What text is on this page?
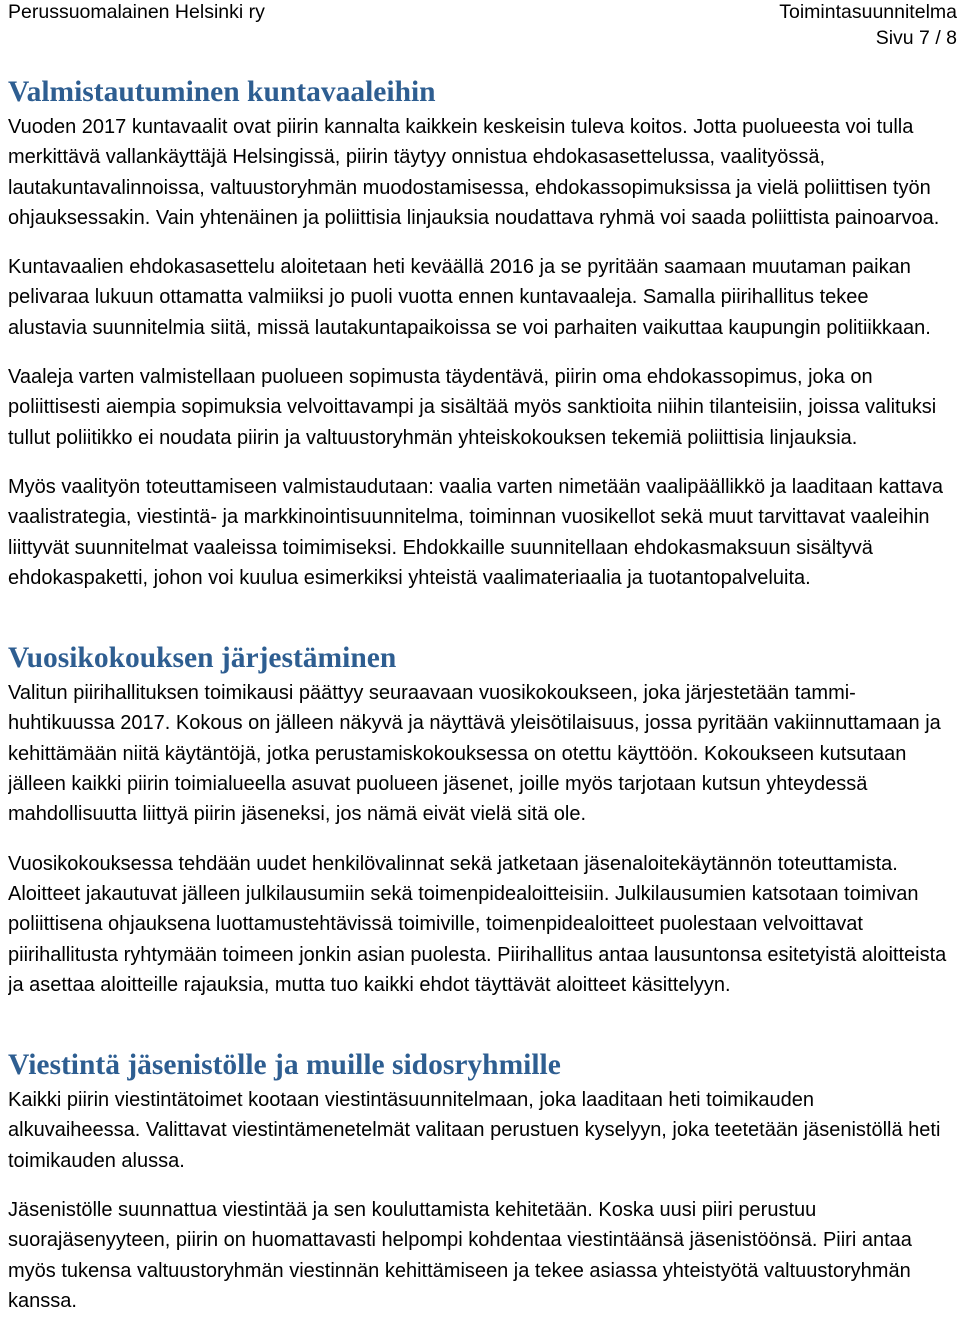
Perussuomalainen Helsinki ry	Toimintasuunnitelma
Sivu 7 / 8
Valmistautuminen kuntavaaleihin
Vuoden 2017 kuntavaalit ovat piirin kannalta kaikkein keskeisin tuleva koitos. Jotta puolueesta voi tulla
merkittävä vallankäyttäjä Helsingissä, piirin täytyy onnistua ehdokasasettelussa, vaalityössä,
lautakuntavalinnoissa, valtuustoryhmän muodostamisessa, ehdokassopimuksissa ja vielä poliittisen työn
ohjauksessakin. Vain yhtenäinen ja poliittisia linjauksia noudattava ryhmä voi saada poliittista painoarvoa.
Kuntavaalien ehdokasasettelu aloitetaan heti keväällä 2016 ja se pyritään saamaan muutaman paikan
pelivaraa lukuun ottamatta valmiiksi jo puoli vuotta ennen kuntavaaleja. Samalla piirihallitus tekee
alustavia suunnitelmia siitä, missä lautakuntapaikoissa se voi parhaiten vaikuttaa kaupungin politiikkaan.
Vaaleja varten valmistellaan puolueen sopimusta täydentävä, piirin oma ehdokassopimus, joka on
poliittisesti aiempia sopimuksia velvoittavampi ja sisältää myös sanktioita niihin tilanteisiin, joissa valituksi
tullut poliitikko ei noudata piirin ja valtuustoryhmän yhteiskokouksen tekemiä poliittisia linjauksia.
Myös vaalityön toteuttamiseen valmistaudutaan: vaalia varten nimetään vaalipäällikkö ja laaditaan kattava
vaalistrategia, viestintä- ja markkinointisuunnitelma, toiminnan vuosikellot sekä muut tarvittavat vaaleihin
liittyvät suunnitelmat vaaleissa toimimiseksi. Ehdokkaille suunnitellaan ehdokasmaksuun sisältyvä
ehdokaspaketti, johon voi kuulua esimerkiksi yhteistä vaalimateriaalia ja tuotantopalveluita.
Vuosikokouksen järjestäminen
Valitun piirihallituksen toimikausi päättyy seuraavaan vuosikokoukseen, joka järjestetään tammi-
huhtikuussa 2017. Kokous on jälleen näkyvä ja näyttävä yleisötilaisuus, jossa pyritään vakiinnuttamaan ja
kehittämään niitä käytäntöjä, jotka perustamiskokouksessa on otettu käyttöön. Kokoukseen kutsutaan
jälleen kaikki piirin toimialueella asuvat puolueen jäsenet, joille myös tarjotaan kutsun yhteydessä
mahdollisuutta liittyä piirin jäseneksi, jos nämä eivät vielä sitä ole.
Vuosikokouksessa tehdään uudet henkilövalinnat sekä jatketaan jäsenaloitekäytännön toteuttamista.
Aloitteet jakautuvat jälleen julkilausumiin sekä toimenpidealoitteisiin. Julkilausumien katsotaan toimivan
poliittisena ohjauksena luottamustehtävissä toimiville, toimenpidealoitteet puolestaan velvoittavat
piirihallitusta ryhtymään toimeen jonkin asian puolesta. Piirihallitus antaa lausuntonsa esitetyistä aloitteista
ja asettaa aloitteille rajauksia, mutta tuo kaikki ehdot täyttävät aloitteet käsittelyyn.
Viestintä jäsenistölle ja muille sidosryhmille
Kaikki piirin viestintätoimet kootaan viestintäsuunnitelmaan, joka laaditaan heti toimikauden
alkuvaiheessa. Valittavat viestintämenetelmät valitaan perustuen kyselyyn, joka teetetään jäsenistöllä heti
toimikauden alussa.
Jäsenistölle suunnattua viestintää ja sen kouluttamista kehitetään. Koska uusi piiri perustuu
suorajäsenyyteen, piirin on huomattavasti helpompi kohdentaa viestintäänsä jäsenistöönsä. Piiri antaa
myös tukensa valtuustoryhmän viestinnän kehittämiseen ja tekee asiassa yhteistyötä valtuustoryhmän
kanssa.
